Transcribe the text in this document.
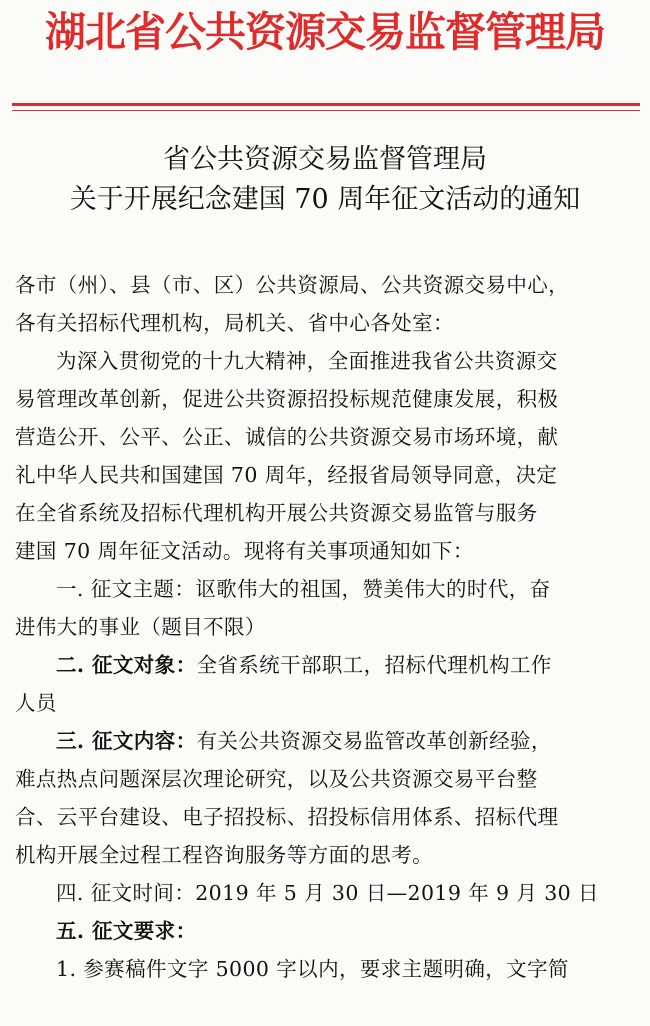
湖北省公共资源交易监督管理局
省公共资源交易监督管理局
关于开展纪念建国 70 周年征文活动的通知
各市（州）、县（市、区）公共资源局、公共资源交易中心，
各有关招标代理机构，局机关、省中心各处室：
为深入贯彻党的十九大精神，全面推进我省公共资源交
易管理改革创新，促进公共资源招投标规范健康发展，积极
营造公开、公平、公正、诚信的公共资源交易市场环境，献
礼中华人民共和国建国 70 周年，经报省局领导同意，决定
在全省系统及招标代理机构开展公共资源交易监管与服务
建国 70 周年征文活动。现将有关事项通知如下：
一. 征文主题：讴歌伟大的祖国，赞美伟大的时代，奋
进伟大的事业（题目不限）
二. 征文对象：全省系统干部职工，招标代理机构工作
人员
三. 征文内容：有关公共资源交易监管改革创新经验，
难点热点问题深层次理论研究，以及公共资源交易平台整
合、云平台建设、电子招投标、招投标信用体系、招标代理
机构开展全过程工程咨询服务等方面的思考。
四. 征文时间：2019 年 5 月 30 日—2019 年 9 月 30 日
五. 征文要求：
1. 参赛稿件文字 5000 字以内，要求主题明确，文字简
